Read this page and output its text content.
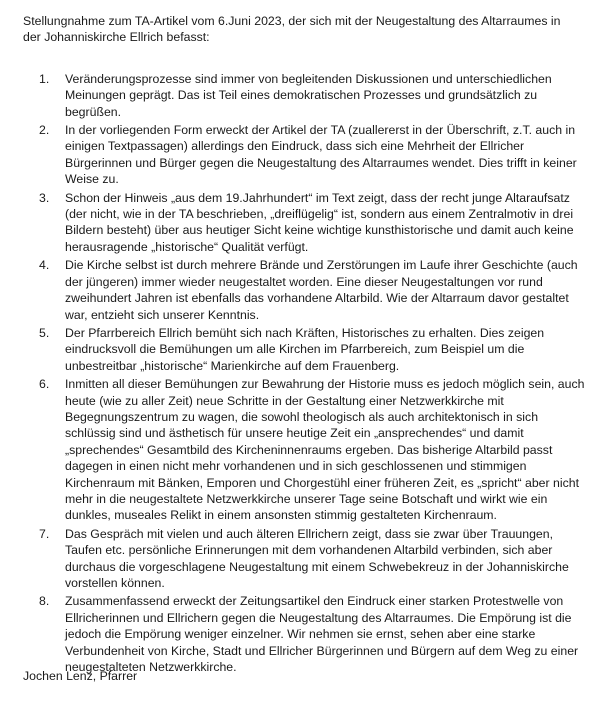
Stellungnahme zum TA-Artikel vom 6.Juni 2023, der sich mit der Neugestaltung des Altarraumes in der Johanniskirche Ellrich befasst:

1. Veränderungsprozesse sind immer von begleitenden Diskussionen und unterschiedlichen Meinungen geprägt. Das ist Teil eines demokratischen Prozesses und grundsätzlich zu begrüßen.
2. In der vorliegenden Form erweckt der Artikel der TA (zuallererst in der Überschrift, z.T. auch in einigen Textpassagen) allerdings den Eindruck, dass sich eine Mehrheit der Ellricher Bürgerinnen und Bürger gegen die Neugestaltung des Altarraumes wendet. Dies trifft in keiner Weise zu.
3. Schon der Hinweis „aus dem 19.Jahrhundert“ im Text zeigt, dass der recht junge Altaraufsatz (der nicht, wie in der TA beschrieben, „dreiflügelig“ ist, sondern aus einem Zentralmotiv in drei Bildern besteht) über aus heutiger Sicht keine wichtige kunsthistorische und damit auch keine herausragende „historische“ Qualität verfügt.
4. Die Kirche selbst ist durch mehrere Brände und Zerstörungen im Laufe ihrer Geschichte (auch der jüngeren) immer wieder neugestaltet worden. Eine dieser Neugestaltungen vor rund zweihundert Jahren ist ebenfalls das vorhandene Altarbild. Wie der Altarraum davor gestaltet war, entzieht sich unserer Kenntnis.
5. Der Pfarrbereich Ellrich bemüht sich nach Kräften, Historisches zu erhalten. Dies zeigen eindrucksvoll die Bemühungen um alle Kirchen im Pfarrbereich, zum Beispiel um die unbestreitbar „historische“ Marienkirche auf dem Frauenberg.
6. Inmitten all dieser Bemühungen zur Bewahrung der Historie muss es jedoch möglich sein, auch heute (wie zu aller Zeit) neue Schritte in der Gestaltung einer Netzwerkkirche mit Begegnungszentrum zu wagen, die sowohl theologisch als auch architektonisch in sich schlüssig sind und ästhetisch für unsere heutige Zeit ein „ansprechendes“ und damit „sprechendes“ Gesamtbild des Kircheninnenraums ergeben. Das bisherige Altarbild passt dagegen in einen nicht mehr vorhandenen und in sich geschlossenen und stimmigen Kirchenraum mit Bänken, Emporen und Chorgestühl einer früheren Zeit, es „spricht“ aber nicht mehr in die neugestaltete Netzwerkkirche unserer Tage seine Botschaft und wirkt wie ein dunkles, museales Relikt in einem ansonsten stimmig gestalteten Kirchenraum.
7. Das Gespräch mit vielen und auch älteren Ellrichern zeigt, dass sie zwar über Trauungen, Taufen etc. persönliche Erinnerungen mit dem vorhandenen Altarbild verbinden, sich aber durchaus die vorgeschlagene Neugestaltung mit einem Schwebekreuz in der Johanniskirche vorstellen können.
8. Zusammenfassend erweckt der Zeitungsartikel den Eindruck einer starken Protestwelle von Ellricherinnen und Ellrichern gegen die Neugestaltung des Altarraumes. Die Empörung ist die jedoch die Empörung weniger einzelner. Wir nehmen sie ernst, sehen aber eine starke Verbundenheit von Kirche, Stadt und Ellricher Bürgerinnen und Bürgern auf dem Weg zu einer neugestalteten Netzwerkkirche.

Jochen Lenz, Pfarrer
